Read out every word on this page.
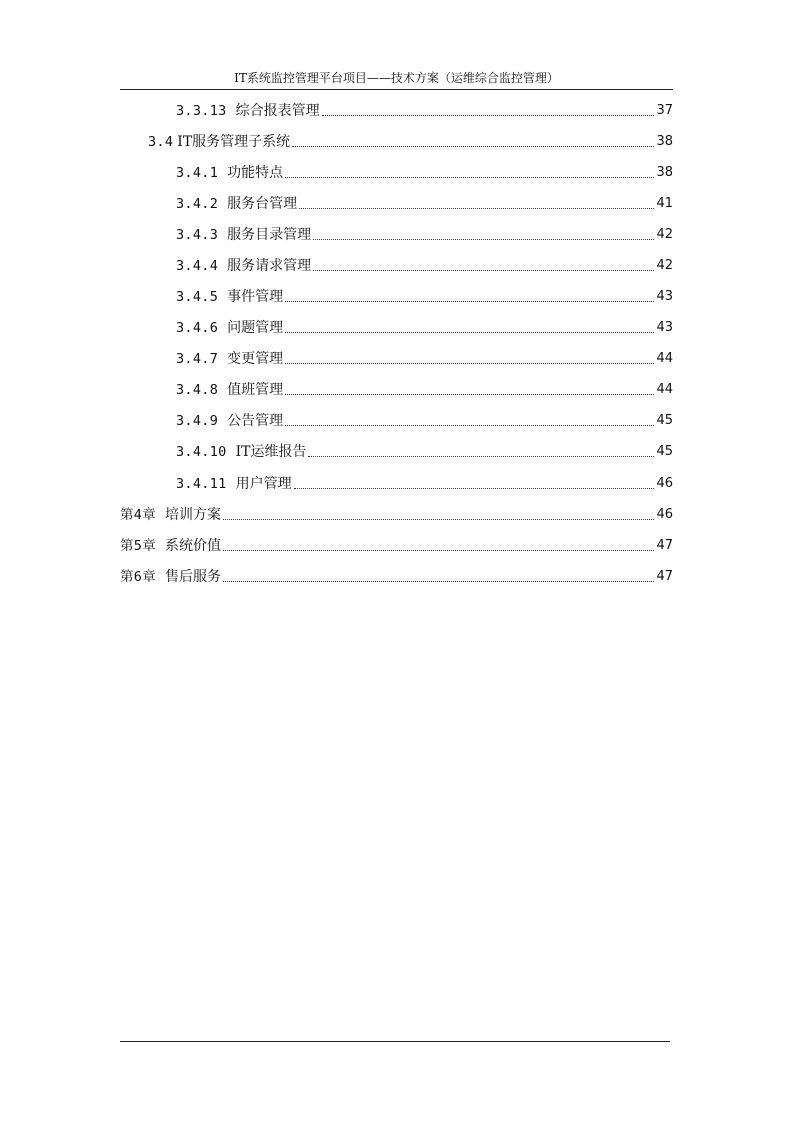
IT系统监控管理平台项目——技术方案（运维综合监控管理）
3.3.13 综合报表管理	37
3.4 IT服务管理子系统	38
3.4.1 功能特点	38
3.4.2 服务台管理	41
3.4.3 服务目录管理	42
3.4.4 服务请求管理	42
3.4.5 事件管理	43
3.4.6 问题管理	43
3.4.7 变更管理	44
3.4.8 值班管理	44
3.4.9 公告管理	45
3.4.10 IT运维报告	45
3.4.11 用户管理	46
第4章 培训方案	46
第5章 系统价值	47
第6章 售后服务	47
